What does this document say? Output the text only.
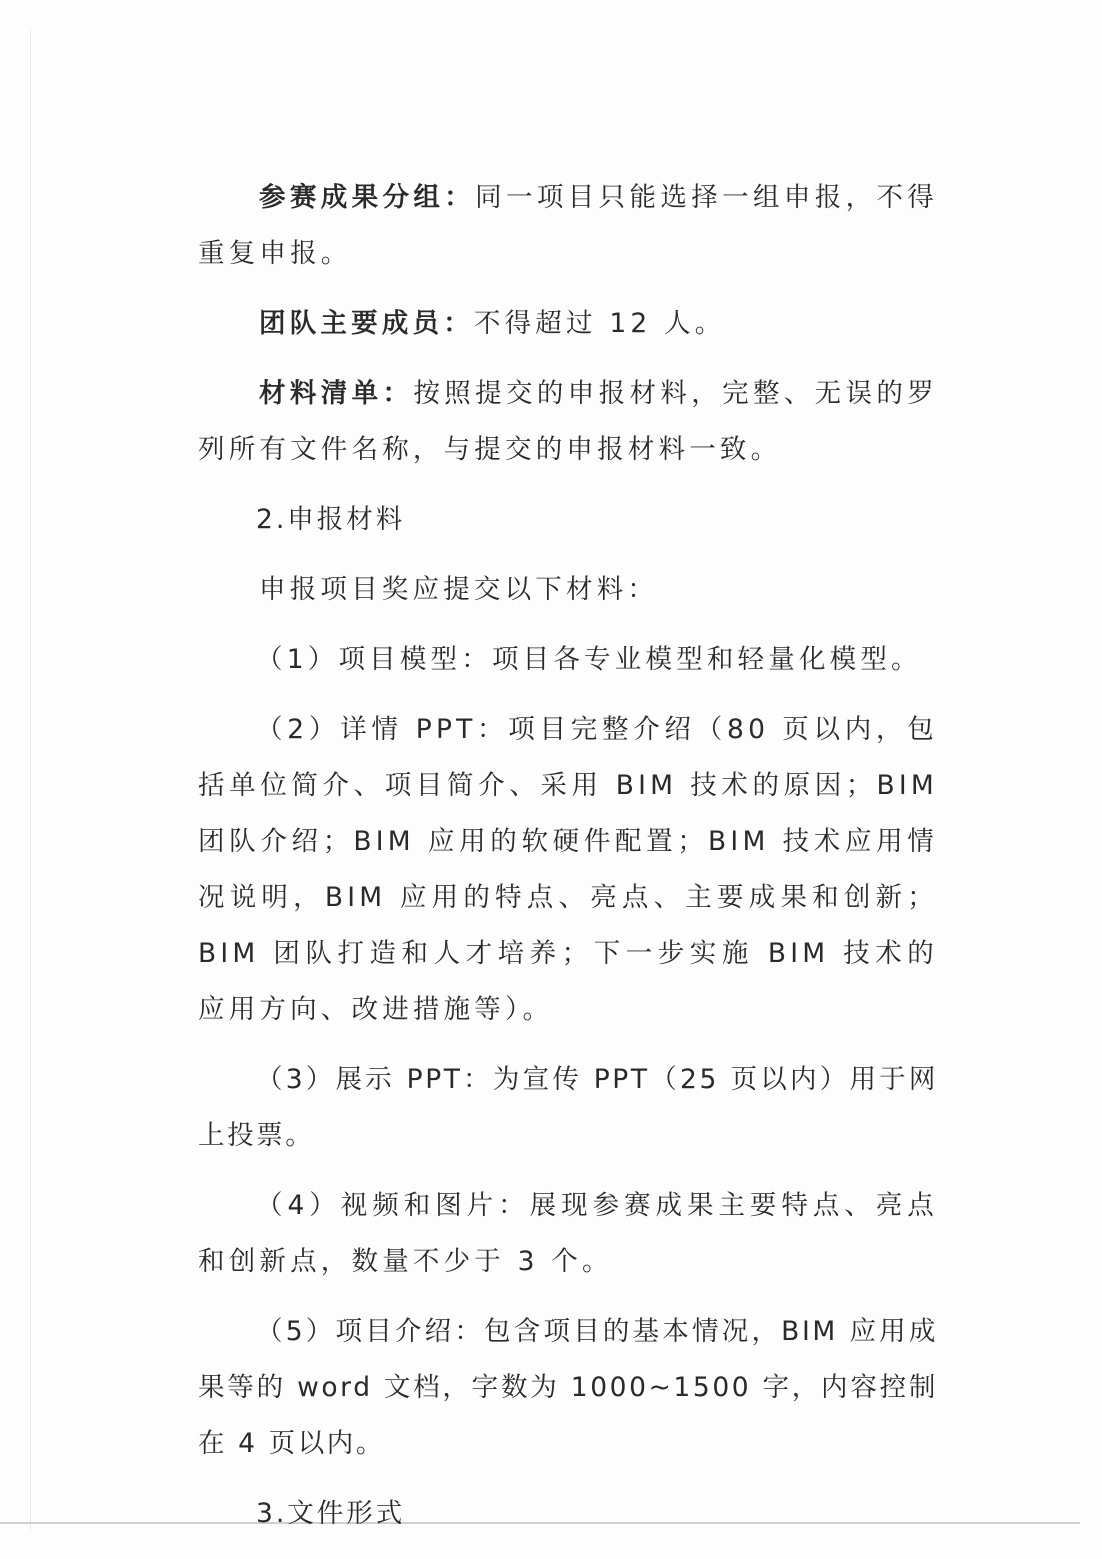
参赛成果分组：同一项目只能选择一组申报，不得重复申报。

团队主要成员：不得超过 12 人。

材料清单：按照提交的申报材料，完整、无误的罗列所有文件名称，与提交的申报材料一致。

2.申报材料

申报项目奖应提交以下材料：

（1）项目模型：项目各专业模型和轻量化模型。

（2）详情 PPT：项目完整介绍（80 页以内，包括单位简介、项目简介、采用 BIM 技术的原因；BIM 团队介绍；BIM 应用的软硬件配置；BIM 技术应用情况说明，BIM 应用的特点、亮点、主要成果和创新；BIM 团队打造和人才培养；下一步实施 BIM 技术的应用方向、改进措施等）。

（3）展示 PPT：为宣传 PPT（25 页以内）用于网上投票。

（4）视频和图片：展现参赛成果主要特点、亮点和创新点，数量不少于 3 个。

（5）项目介绍：包含项目的基本情况，BIM 应用成果等的 word 文档，字数为 1000~1500 字，内容控制在 4 页以内。

3.文件形式
